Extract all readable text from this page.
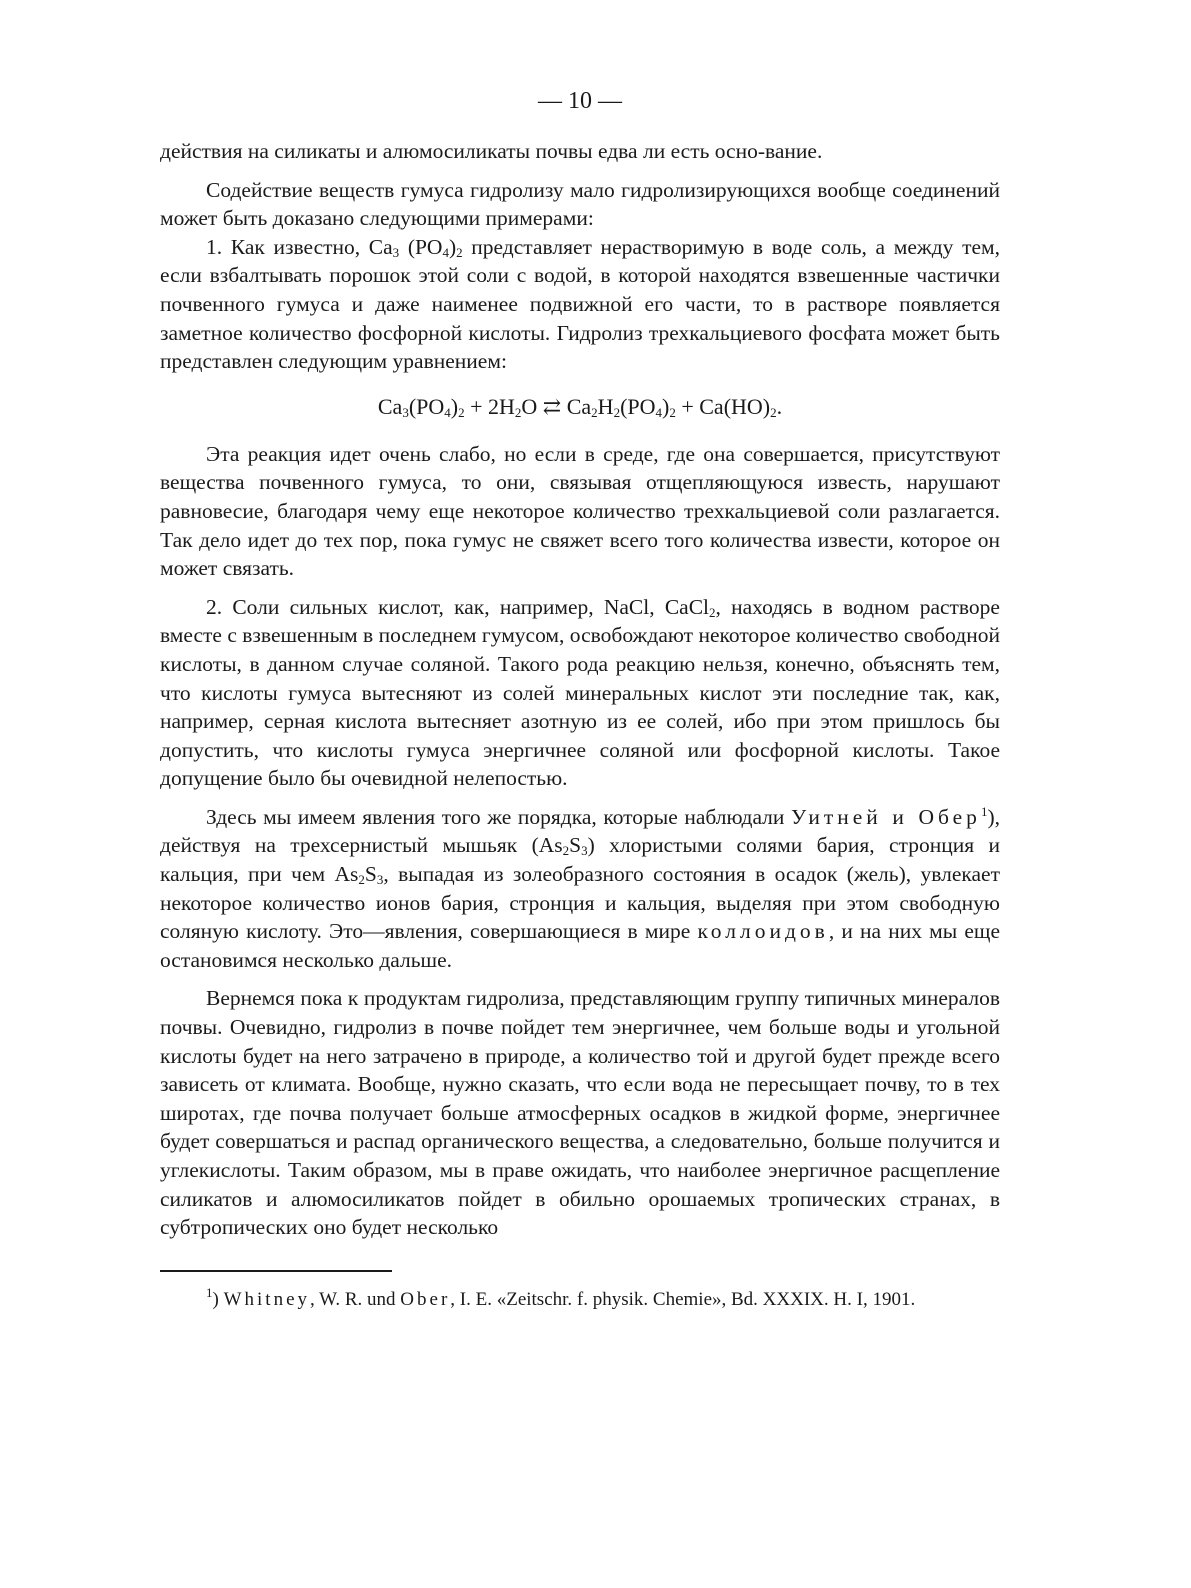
— 10 —

действия на силикаты и алюмосиликаты почвы едва ли есть осно-вание.

Содействие веществ гумуса гидролизу мало гидролизирующихся вообще соединений может быть доказано следующими примерами:

1. Как известно, $Ca_3$ $(PO_4)_2$ представляет нерастворимую в воде соль, а между тем, если взбалтывать порошок этой соли с водой, в которой находятся взвешенные частички почвенного гумуса и даже наименее подвижной его части, то в растворе появляется заметное количество фосфорной кислоты. Гидролиз трехкальциевого фосфата может быть представлен следующим уравнением:

$Ca_3(PO_4)_2 + 2H_2O$ ⇄ $Ca_2H_2(PO_4)_2 + Ca(HO)_2$.

Эта реакция идет очень слабо, но если в среде, где она совершается, присутствуют вещества почвенного гумуса, то они, связывая отщепляющуюся известь, нарушают равновесие, благодаря чему еще некоторое количество трехкальциевой соли разлагается. Так дело идет до тех пор, пока гумус не свяжет всего того количества извести, которое он может связать.

2. Соли сильных кислот, как, например, NaCl, CaCl$_2$, находясь в водном растворе вместе с взвешенным в последнем гумусом, освобождают некоторое количество свободной кислоты, в данном случае соляной. Такого рода реакцию нельзя, конечно, объяснять тем, что кислоты гумуса вытесняют из солей минеральных кислот эти последние так, как, например, серная кислота вытесняет азотную из ее солей, ибо при этом пришлось бы допустить, что кислоты гумуса энергичнее соляной или фосфорной кислоты. Такое допущение было бы очевидной нелепостью.

Здесь мы имеем явления того же порядка, которые наблюдали Уитней и Обер$^1$), действуя на трехсернистый мышьяк $(As_2S_3)$ хлористыми солями бария, стронция и кальция, при чем $As_2S_3$, выпадая из золеобразного состояния в осадок (жель), увлекает некоторое количество ионов бария, стронция и кальция, выделяя при этом свободную соляную кислоту. Это—явления, совершающиеся в мире коллоидов, и на них мы еще остановимся несколько дальше.

Вернемся пока к продуктам гидролиза, представляющим группу типичных минералов почвы. Очевидно, гидролиз в почве пойдет тем энергичнее, чем больше воды и угольной кислоты будет на него затрачено в природе, а количество той и другой будет прежде всего зависеть от климата. Вообще, нужно сказать, что если вода не пересыщает почву, то в тех широтах, где почва получает больше атмосферных осадков в жидкой форме, энергичнее будет совершаться и распад органического вещества, а следовательно, больше получится и углекислоты. Таким образом, мы в праве ожидать, что наиболее энергичное расщепление силикатов и алюмосиликатов пойдет в обильно орошаемых тропических странах, в субтропических оно будет несколько

$^1$) Whitney, W. R. und Ober, I. E. «Zeitschr. f. physik. Chemie», Bd. XXXIX. H. I, 1901.
